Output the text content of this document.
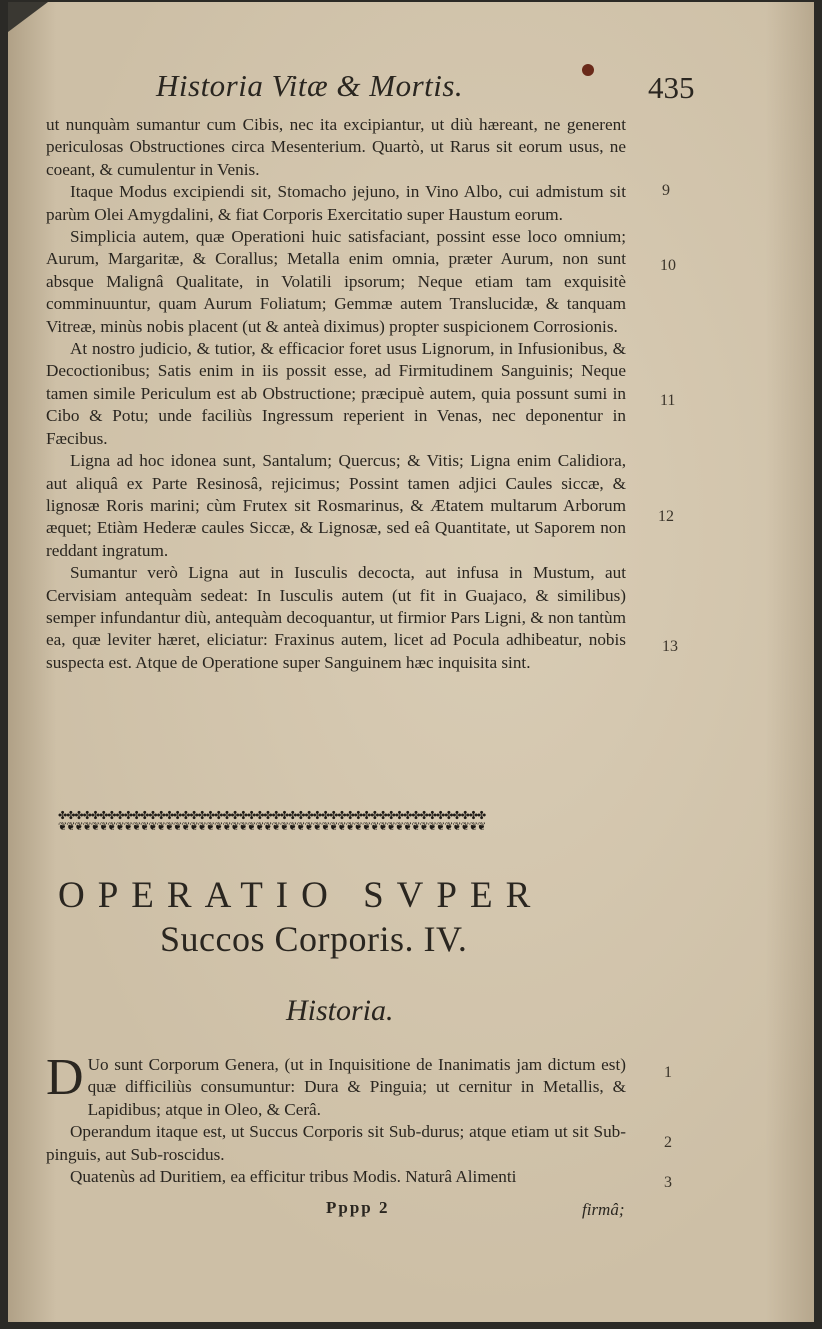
Historia Vitæ & Mortis.	435

ut nunquàm sumantur cum Cibis, nec ita excipiantur, ut diù hæreant, ne generent periculosas Obstructiones circa Mesenterium. Quartò, ut Rarus sit eorum usus, ne coeant, & cumulentur in Venis.

Itaque Modus excipiendi sit, Stomacho jejuno, in Vino Albo, cui admistum sit parùm Olei Amygdalini, & fiat Corporis Exercitatio super Haustum eorum.

Simplicia autem, quæ Operationi huic satisfaciant, possint esse loco omnium; Aurum, Margaritæ, & Corallus; Metalla enim omnia, præter Aurum, non sunt absque Malignâ Qualitate, in Volatili ipsorum; Neque etiam tam exquisitè comminuuntur, quam Aurum Foliatum; Gemmæ autem Translucidæ, & tanquam Vitreæ, minùs nobis placent (ut & anteà diximus) propter suspicionem Corrosionis.

At nostro judicio, & tutior, & efficacior foret usus Lignorum, in Infusionibus, & Decoctionibus; Satis enim in iis possit esse, ad Firmitudinem Sanguinis; Neque tamen simile Periculum est ab Obstructione; præcipuè autem, quia possunt sumi in Cibo & Potu; unde faciliùs Ingressum reperient in Venas, nec deponentur in Fæcibus.

Ligna ad hoc idonea sunt, Santalum; Quercus; & Vitis; Ligna enim Calidiora, aut aliquâ ex Parte Resinosâ, rejicimus; Possint tamen adjici Caules siccæ, & lignosæ Roris marini; cùm Frutex sit Rosmarinus, & Ætatem multarum Arborum æquet; Etiàm Hederæ caules Siccæ, & Lignosæ, sed eâ Quantitate, ut Saporem non reddant ingratum.

Sumantur verò Ligna aut in Iusculis decocta, aut infusa in Mustum, aut Cervisiam antequàm sedeat: In Iusculis autem (ut fit in Guajaco, & similibus) semper infundantur diù, antequàm decoquantur, ut firmior Pars Ligni, & non tantùm ea, quæ leviter hæret, eliciatur: Fraxinus autem, licet ad Pocula adhibeatur, nobis suspecta est. Atque de Operatione super Sanguinem hæc inquisita sint.

✤✤✤✤✤✤✤✤✤✤✤✤✤✤✤✤✤✤✤✤✤✤✤✤✤✤✤✤✤✤✤✤✤✤✤✤✤✤✤✤✤✤✤✤✤✤✤✤✤✤✤✤
❦❦❦❦❦❦❦❦❦❦❦❦❦❦❦❦❦❦❦❦❦❦❦❦❦❦❦❦❦❦❦❦❦❦❦❦❦❦❦❦❦❦❦❦❦❦❦❦❦❦❦❦
OPERATIO SVPER
Succos Corporis. IV.
Historia.

D Uo sunt Corporum Genera, (ut in Inquisitione de Inanimatis jam dictum est) quæ difficiliùs consumuntur: Dura & Pinguia; ut cernitur in Metallis, & Lapidibus; atque in Oleo, & Cerâ.

Operandum itaque est, ut Succus Corporis sit Sub-durus; atque etiam ut sit Sub-pinguis, aut Sub-roscidus.

Quatenùs ad Duritiem, ea efficitur tribus Modis. Naturâ Alimenti

Pppp 2	firmâ;
9
10
11
12
13
1
2
3
